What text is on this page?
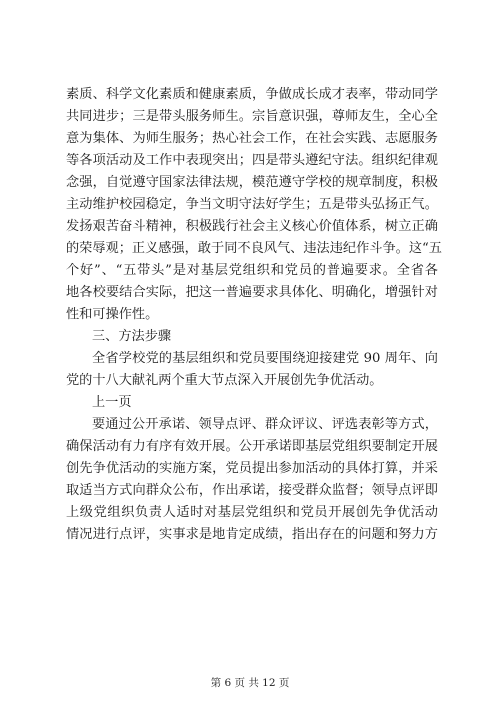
素质、科学文化素质和健康素质，争做成长成才表率，带动同学
共同进步；三是带头服务师生。宗旨意识强，尊师友生，全心全
意为集体、为师生服务；热心社会工作，在社会实践、志愿服务
等各项活动及工作中表现突出；四是带头遵纪守法。组织纪律观
念强，自觉遵守国家法律法规，模范遵守学校的规章制度，积极
主动维护校园稳定，争当文明守法好学生；五是带头弘扬正气。
发扬艰苦奋斗精神，积极践行社会主义核心价值体系，树立正确
的荣辱观；正义感强，敢于同不良风气、违法违纪作斗争。这“五
个好”、“五带头”是对基层党组织和党员的普遍要求。全省各
地各校要结合实际，把这一普遍要求具体化、明确化，增强针对
性和可操作性。
三、方法步骤
全省学校党的基层组织和党员要围绕迎接建党 90 周年、向
党的十八大献礼两个重大节点深入开展创先争优活动。
上一页
要通过公开承诺、领导点评、群众评议、评选表彰等方式，
确保活动有力有序有效开展。公开承诺即基层党组织要制定开展
创先争优活动的实施方案，党员提出参加活动的具体打算，并采
取适当方式向群众公布，作出承诺，接受群众监督；领导点评即
上级党组织负责人适时对基层党组织和党员开展创先争优活动
情况进行点评，实事求是地肯定成绩，指出存在的问题和努力方
第 6 页 共 12 页
